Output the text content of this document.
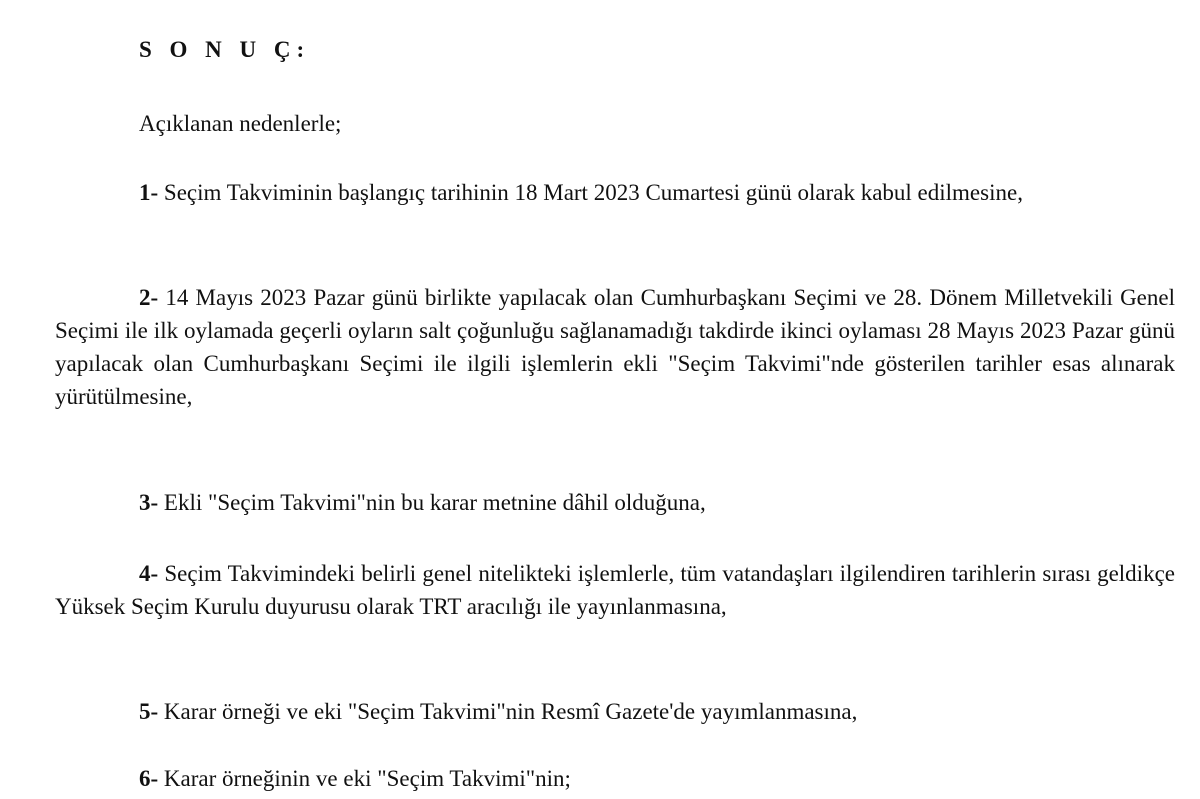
S O N U Ç:
Açıklanan nedenlerle;
1- Seçim Takviminin başlangıç tarihinin 18 Mart 2023 Cumartesi günü olarak kabul edilmesine,
2- 14 Mayıs 2023 Pazar günü birlikte yapılacak olan Cumhurbaşkanı Seçimi ve 28. Dönem Milletvekili Genel Seçimi ile ilk oylamada geçerli oyların salt çoğunluğu sağlanamadığı takdirde ikinci oylaması 28 Mayıs 2023 Pazar günü yapılacak olan Cumhurbaşkanı Seçimi ile ilgili işlemlerin ekli "Seçim Takvimi"nde gösterilen tarihler esas alınarak yürütülmesine,
3- Ekli "Seçim Takvimi"nin bu karar metnine dâhil olduğuna,
4- Seçim Takvimindeki belirli genel nitelikteki işlemlerle, tüm vatandaşları ilgilendiren tarihlerin sırası geldikçe Yüksek Seçim Kurulu duyurusu olarak TRT aracılığı ile yayınlanmasına,
5- Karar örneği ve eki "Seçim Takvimi"nin Resmî Gazete'de yayımlanmasına,
6- Karar örneğinin ve eki "Seçim Takvimi"nin;
